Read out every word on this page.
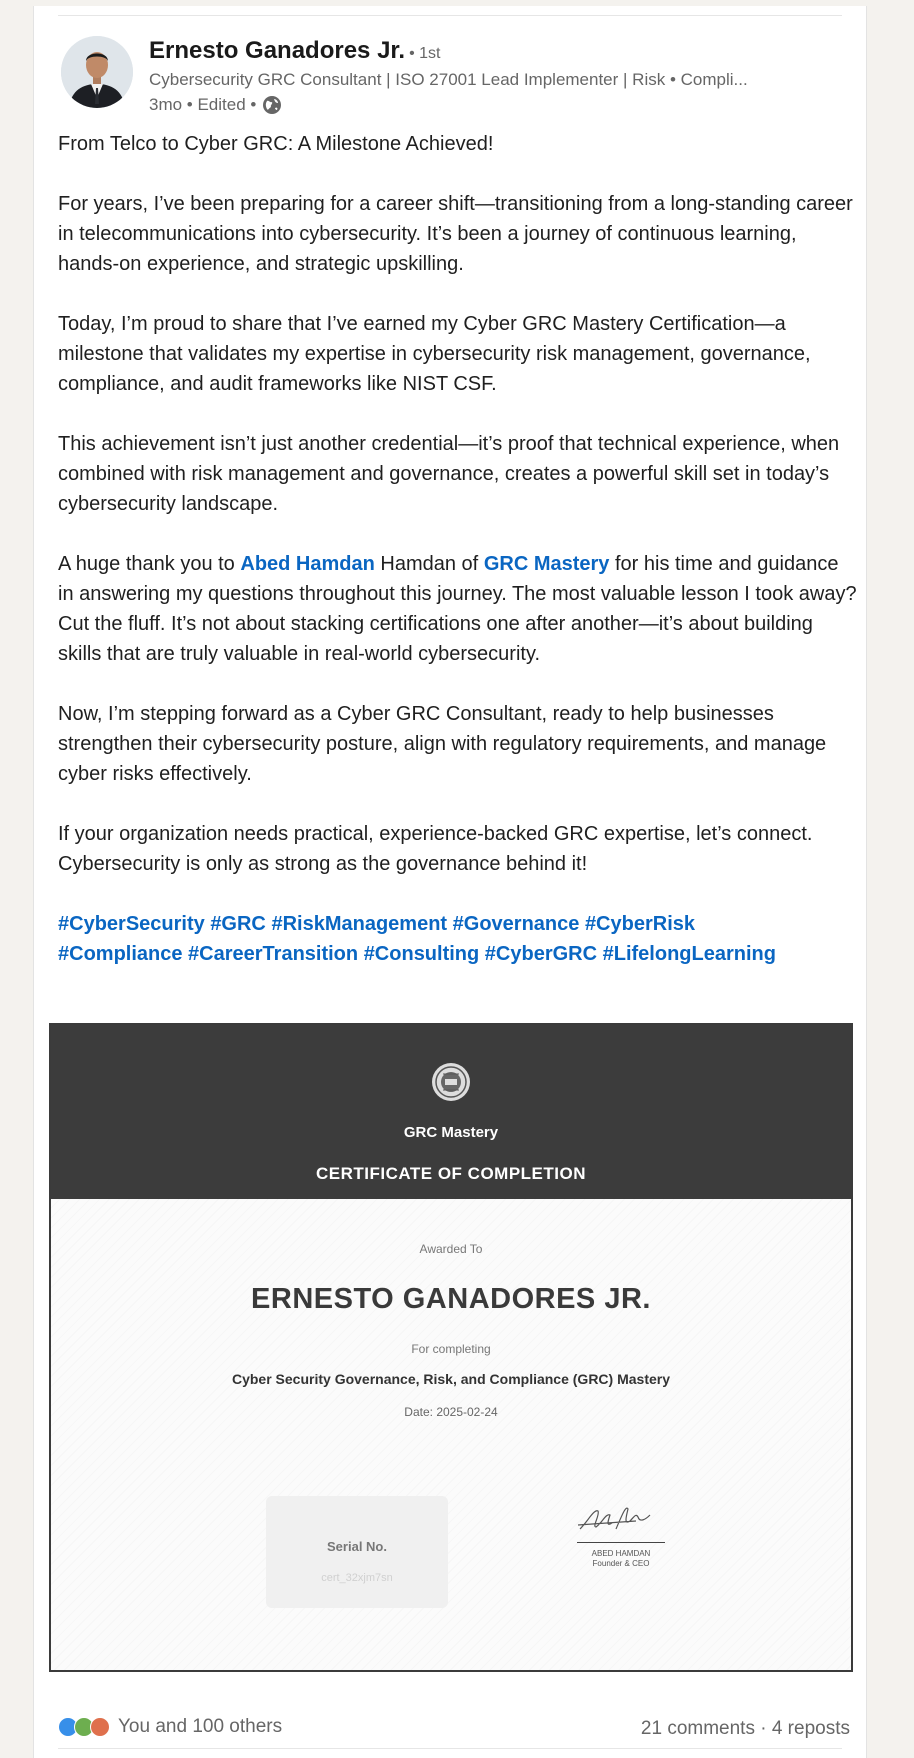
Ernesto Ganadores Jr. • 1st
Cybersecurity GRC Consultant | ISO 27001 Lead Implementer | Risk • Compli...
3mo • Edited •

From Telco to Cyber GRC: A Milestone Achieved!

For years, I’ve been preparing for a career shift—transitioning from a long-standing career in telecommunications into cybersecurity. It’s been a journey of continuous learning, hands-on experience, and strategic upskilling.

Today, I’m proud to share that I’ve earned my Cyber GRC Mastery Certification—a milestone that validates my expertise in cybersecurity risk management, governance, compliance, and audit frameworks like NIST CSF.

This achievement isn’t just another credential—it’s proof that technical experience, when combined with risk management and governance, creates a powerful skill set in today’s cybersecurity landscape.

A huge thank you to Abed Hamdan Hamdan of GRC Mastery for his time and guidance in answering my questions throughout this journey. The most valuable lesson I took away? Cut the fluff. It’s not about stacking certifications one after another—it’s about building skills that are truly valuable in real-world cybersecurity.

Now, I’m stepping forward as a Cyber GRC Consultant, ready to help businesses strengthen their cybersecurity posture, align with regulatory requirements, and manage cyber risks effectively.

If your organization needs practical, experience-backed GRC expertise, let’s connect. Cybersecurity is only as strong as the governance behind it!

#CyberSecurity #GRC #RiskManagement #Governance #CyberRisk
#Compliance #CareerTransition #Consulting #CyberGRC #LifelongLearning

GRC Mastery
CERTIFICATE OF COMPLETION
Awarded To
ERNESTO GANADORES JR.
For completing
Cyber Security Governance, Risk, and Compliance (GRC) Mastery
Date: 2025-02-24
Serial No.
cert_32xjm7sn
ABED HAMDAN
Founder & CEO
You and 100 others	21 comments · 4 reposts
